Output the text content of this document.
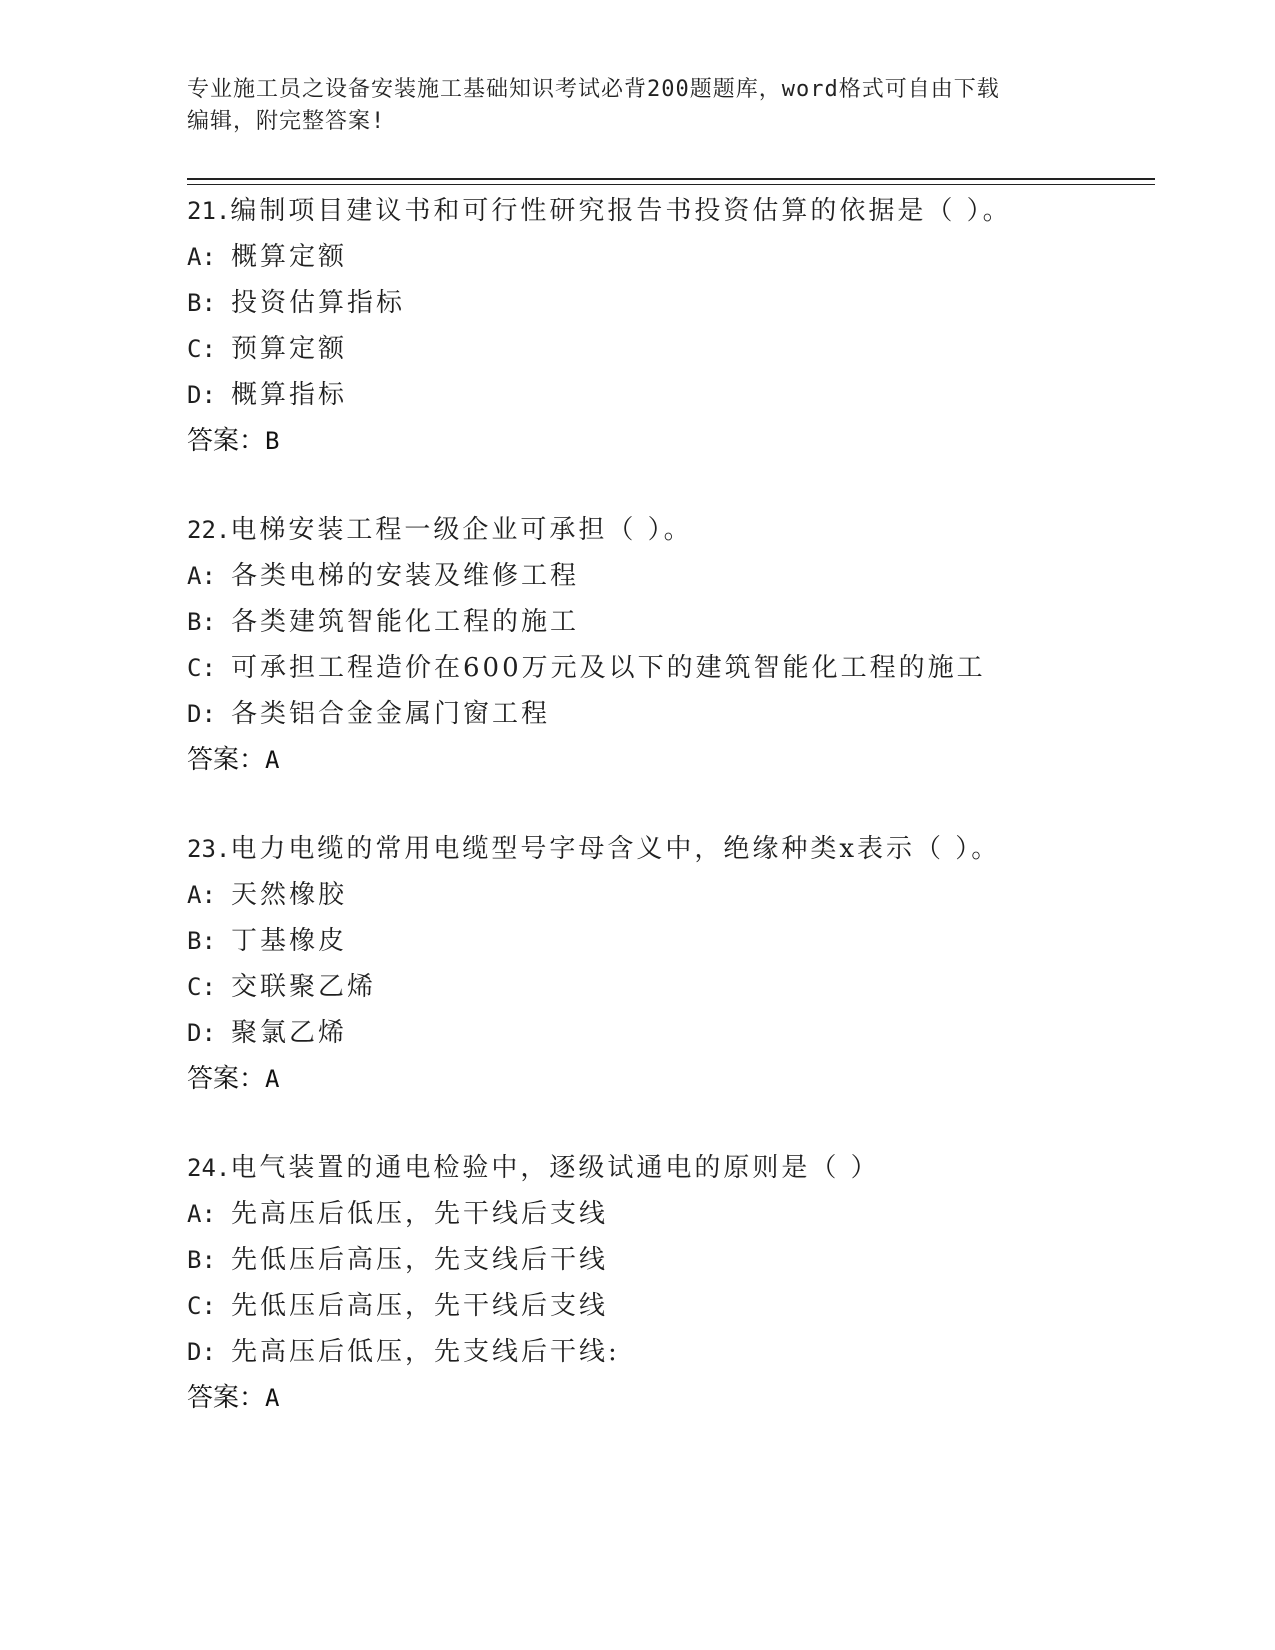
专业施工员之设备安装施工基础知识考试必背200题题库，word格式可自由下载
编辑，附完整答案!
21.编制项目建议书和可行性研究报告书投资估算的依据是（ ）。
A: 概算定额
B: 投资估算指标
C: 预算定额
D: 概算指标
答案：B
22.电梯安装工程一级企业可承担（ ）。
A: 各类电梯的安装及维修工程
B: 各类建筑智能化工程的施工
C: 可承担工程造价在600万元及以下的建筑智能化工程的施工
D: 各类铝合金金属门窗工程
答案：A
23.电力电缆的常用电缆型号字母含义中，绝缘种类x表示（ ）。
A: 天然橡胶
B: 丁基橡皮
C: 交联聚乙烯
D: 聚氯乙烯
答案：A
24.电气装置的通电检验中，逐级试通电的原则是（ ）
A: 先高压后低压，先干线后支线
B: 先低压后高压，先支线后干线
C: 先低压后高压，先干线后支线
D: 先高压后低压，先支线后干线:
答案：A
